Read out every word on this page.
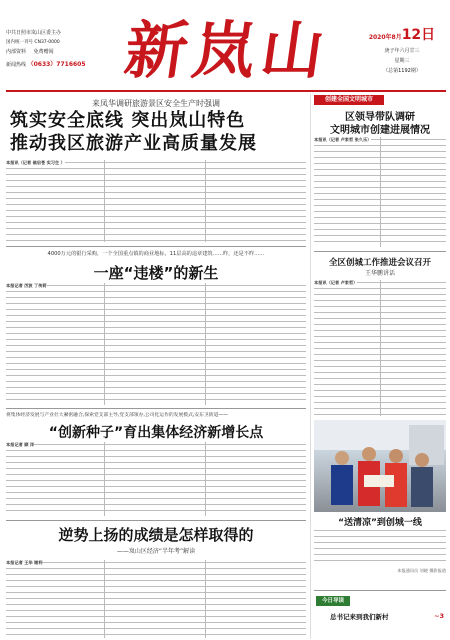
中共日照市岚山区委主办
国内统一刊号 CN37-0000
内部资料 免费赠阅
新闻热线 （0633）7716605 新岚山	2020年8月12日
庚子年六月廿三
星期三
（总第1192期）
来凤华调研旅游景区安全生产时强调
筑实安全底线 突出岚山特色
推动我区旅游产业高质量发展
本报讯（记者 翁启苍 实习生 ）
创建全国文明城市
区领导带队调研
文明城市创建进展情况
本报讯（记者 卢家哲 张久乐）
4000万元的银行采购，一个全国重点镇的商业地标，11层高的违章建筑……昨，还是不昨……
一座“违楼”的新生
本报记者 厉波 丁传莉
全区创城工作推进会议召开
王华鹏讲话
本报讯（记者 卢家哲）
将集体经济发展与产业壮大紧密融合,探索党支部主导,党支部领办,公司化运作的发展模式,安东卫街道——
“创新种子”育出集体经济新增长点
本报记者 顾 洋
“送清凉”到创城一线
本报通讯员 刘晓 摄影报道
逆势上扬的成绩是怎样取得的
——岚山区经济“半年考”解读
本报记者 王华 谢利
今日导读
总书记来到我们新村	~3
